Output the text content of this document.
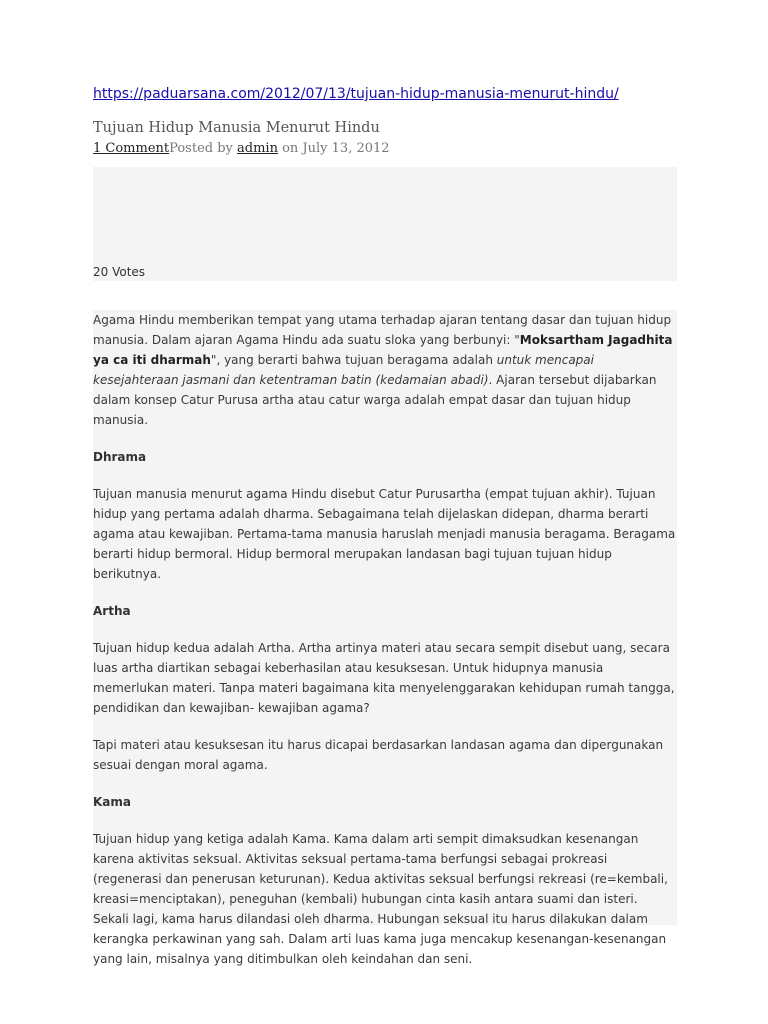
https://paduarsana.com/2012/07/13/tujuan-hidup-manusia-menurut-hindu/
Tujuan Hidup Manusia Menurut Hindu
1 CommentPosted by admin on July 13, 2012
20 Votes

Agama Hindu memberikan tempat yang utama terhadap ajaran tentang dasar dan tujuan hidup manusia. Dalam ajaran Agama Hindu ada suatu sloka yang berbunyi: "Moksartham Jagadhita ya ca iti dharmah", yang berarti bahwa tujuan beragama adalah untuk mencapai kesejahteraan jasmani dan ketentraman batin (kedamaian abadi). Ajaran tersebut dijabarkan dalam konsep Catur Purusa artha atau catur warga adalah empat dasar dan tujuan hidup manusia.

Dhrama

Tujuan manusia menurut agama Hindu disebut Catur Purusartha (empat tujuan akhir). Tujuan hidup yang pertama adalah dharma. Sebagaimana telah dijelaskan didepan, dharma berarti agama atau kewajiban. Pertama-tama manusia haruslah menjadi manusia beragama. Beragama berarti hidup bermoral. Hidup bermoral merupakan landasan bagi tujuan tujuan hidup berikutnya.

Artha

Tujuan hidup kedua adalah Artha. Artha artinya materi atau secara sempit disebut uang, secara luas artha diartikan sebagai keberhasilan atau kesuksesan. Untuk hidupnya manusia memerlukan materi. Tanpa materi bagaimana kita menyelenggarakan kehidupan rumah tangga, pendidikan dan kewajiban- kewajiban agama?

Tapi materi atau kesuksesan itu harus dicapai berdasarkan landasan agama dan dipergunakan sesuai dengan moral agama.

Kama

Tujuan hidup yang ketiga adalah Kama. Kama dalam arti sempit dimaksudkan kesenangan karena aktivitas seksual. Aktivitas seksual pertama-tama berfungsi sebagai prokreasi (regenerasi dan penerusan keturunan). Kedua aktivitas seksual berfungsi rekreasi (re=kembali, kreasi=menciptakan), peneguhan (kembali) hubungan cinta kasih antara suami dan isteri. Sekali lagi, kama harus dilandasi oleh dharma. Hubungan seksual itu harus dilakukan dalam kerangka perkawinan yang sah. Dalam arti luas kama juga mencakup kesenangan-kesenangan yang lain, misalnya yang ditimbulkan oleh keindahan dan seni.
